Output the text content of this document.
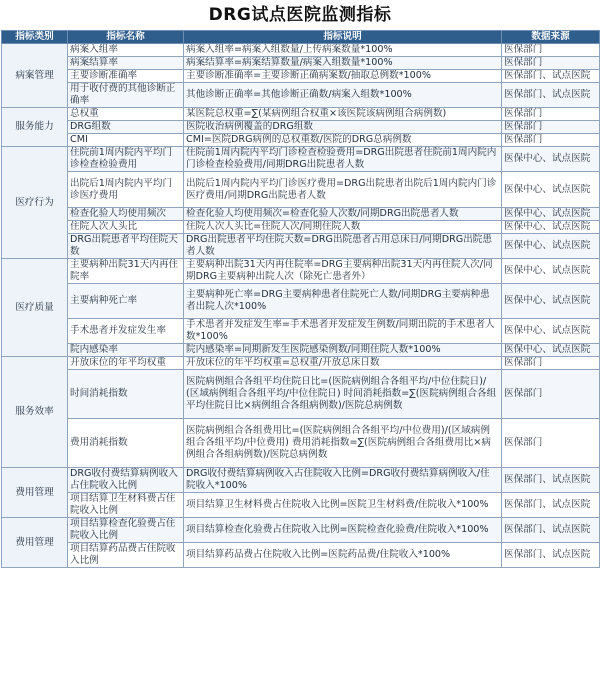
DRG试点医院监测指标
指标类别	指标名称	指标说明	数据来源
病案管理	病案入组率	病案入组率=病案入组数量/上传病案数量*100%	医保部门
	病案结算率	病案结算率=病案结算数量/病案入组数量*100%	医保部门
	主要诊断准确率	主要诊断准确率=主要诊断正确病案数/抽取总例数*100%	医保部门、试点医院
	用于收付费的其他诊断正确率	其他诊断正确率=其他诊断正确数/病案入组数*100%	医保部门、试点医院
服务能力	总权重	某医院总权重=∑(某病例组合权重×该医院该病例组合病例数)	医保部门
	DRG组数	医院收治病例覆盖的DRG组数	医保部门
	CMI	CMI=医院DRG病例的总权重数/医院的DRG总病例数	医保部门
医疗行为	住院前1周内院内平均门诊检查检验费用	住院前1周内院内平均门诊检查检验费用=DRG出院患者住院前1周内院内门诊检查检验费用/同期DRG出院患者人数	医保中心、试点医院
	出院后1周内院内平均门诊医疗费用	出院后1周内院内平均门诊医疗费用=DRG出院患者出院后1周内院内门诊医疗费用/同期DRG出院患者人数	医保中心、试点医院
	检查化验人均使用频次	检查化验人均使用频次=检查化验人次数/同期DRG出院患者人数	医保中心、试点医院
	住院人次人头比	住院人次人头比=住院人次/同期住院人数	医保中心、试点医院
	DRG出院患者平均住院天数	DRG出院患者平均住院天数=DRG出院患者占用总床日/同期DRG出院患者人数	医保中心、试点医院
医疗质量	主要病种出院31天内再住院率	主要病种出院31天内再住院率=DRG主要病种出院31天内再住院人次/同期DRG主要病种出院人次（除死亡患者外）	医保中心、试点医院
	主要病种死亡率	主要病种死亡率=DRG主要病种患者住院死亡人数/同期DRG主要病种患者出院人次*100%	医保中心、试点医院
	手术患者并发症发生率	手术患者并发症发生率=手术患者并发症发生例数/同期出院的手术患者人数*100%	医保中心、试点医院
	院内感染率	院内感染率=同期新发生医院感染例数/同期住院人数*100%	医保中心、试点医院
服务效率	开放床位的年平均权重	开放床位的年平均权重=总权重/开放总床日数	医保部门
	时间消耗指数	医院病例组合各组平均住院日比=(医院病例组合各组平均/中位住院日)/(区域病例组合各组平均/中位住院日) 时间消耗指数=∑(医院病例组合各组平均住院日比×病例组合各组病例数)/医院总病例数	医保部门
	费用消耗指数	医院病例组合各组费用比=(医院病例组合各组平均/中位费用)/(区域病例组合各组平均/中位费用) 费用消耗指数=∑(医院病例组合各组费用比×病例组合各组病例数)/医院总病例数	医保部门
费用管理	DRG收付费结算病例收入占住院收入比例	DRG收付费结算病例收入占住院收入比例=DRG收付费结算病例收入/住院收入*100%	医保部门、试点医院
	项目结算卫生材料费占住院收入比例	项目结算卫生材料费占住院收入比例=医院卫生材料费/住院收入*100%	医保部门、试点医院
费用管理	项目结算检查化验费占住院收入比例	项目结算检查化验费占住院收入比例=医院检查化验费/住院收入*100%	医保部门、试点医院
	项目结算药品费占住院收入比例	项目结算药品费占住院收入比例=医院药品费/住院收入*100%	医保部门、试点医院
